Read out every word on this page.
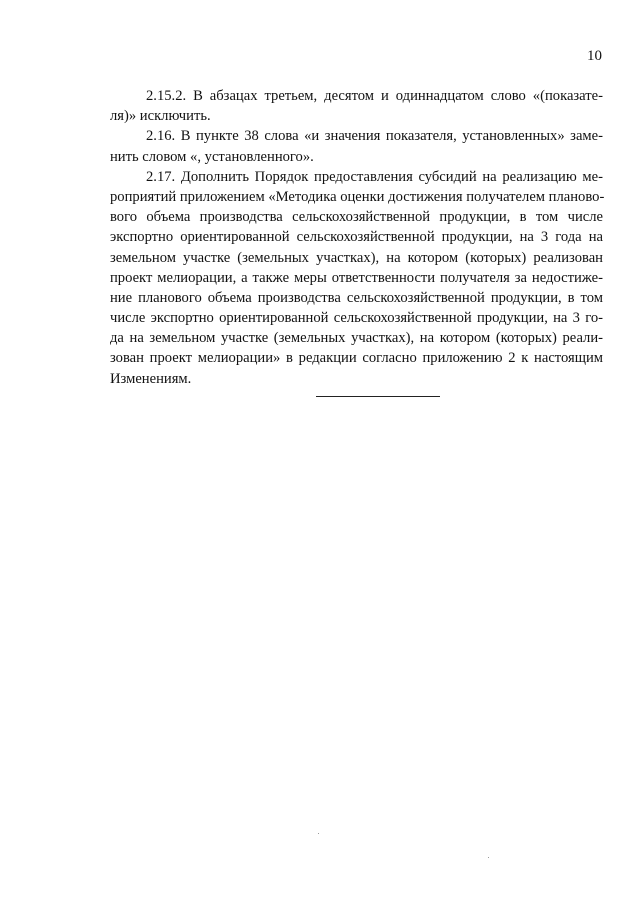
10
2.15.2. В абзацах третьем, десятом и одиннадцатом слово «(показате-
ля)» исключить.
2.16. В пункте 38 слова «и значения показателя, установленных» заме-
нить словом «, установленного».
2.17. Дополнить Порядок предоставления субсидий на реализацию ме-
роприятий приложением «Методика оценки достижения получателем планово-
вого объема производства сельскохозяйственной продукции, в том числе
экспортно ориентированной сельскохозяйственной продукции, на 3 года на
земельном участке (земельных участках), на котором (которых) реализован
проект мелиорации, а также меры ответственности получателя за недостиже-
ние планового объема производства сельскохозяйственной продукции, в том
числе экспортно ориентированной сельскохозяйственной продукции, на 3 го-
да на земельном участке (земельных участках), на котором (которых) реали-
зован проект мелиорации» в редакции согласно приложению 2 к настоящим
Изменениям.
